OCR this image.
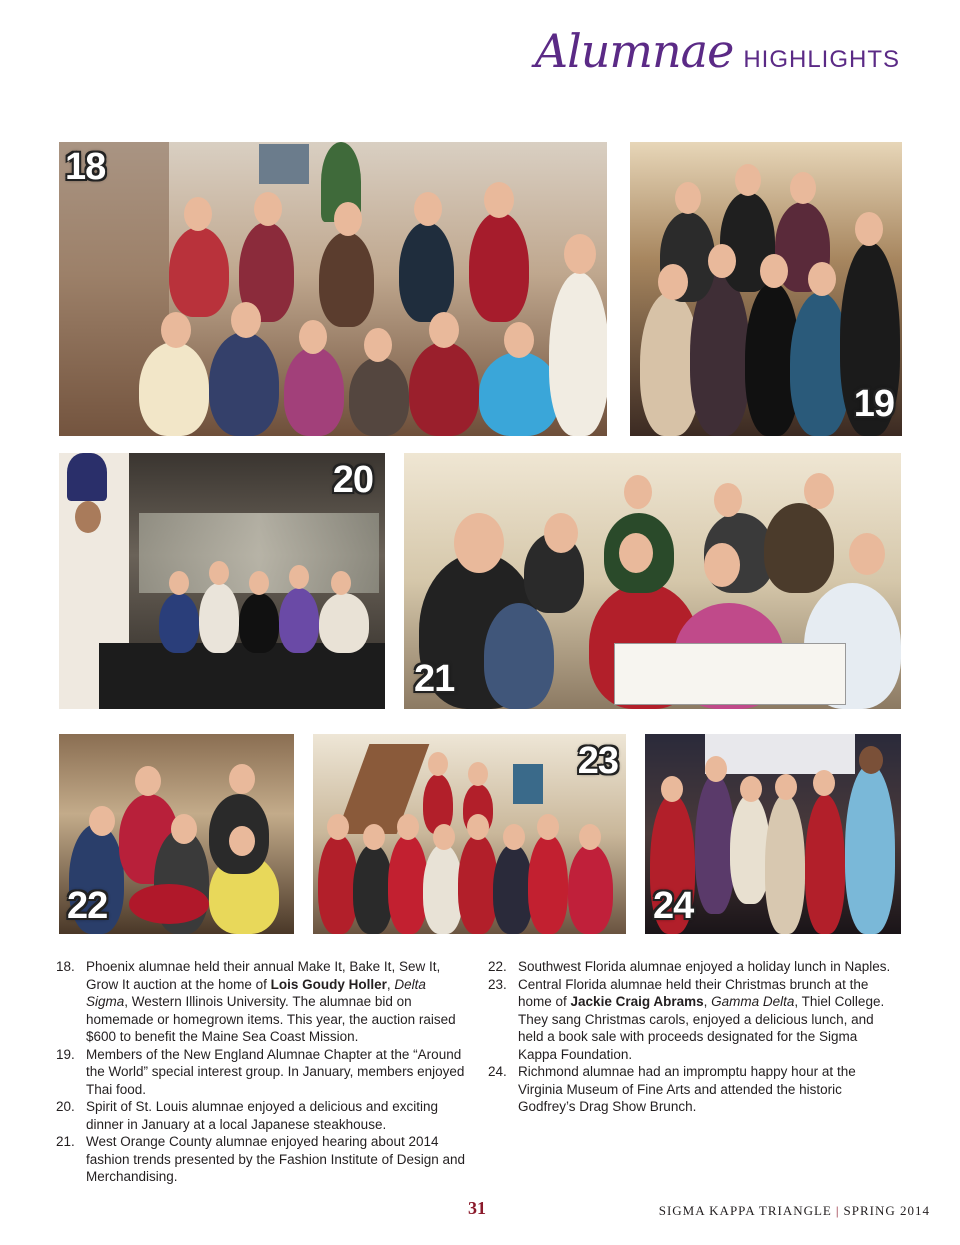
Alumnae HIGHLIGHTS
18
19
20
21
22
23
24
18. Phoenix alumnae held their annual Make It, Bake It, Sew It, Grow It auction at the home of Lois Goudy Holler, Delta Sigma, Western Illinois University. The alumnae bid on homemade or homegrown items. This year, the auction raised $600 to benefit the Maine Sea Coast Mission.
19. Members of the New England Alumnae Chapter at the “Around the World” special interest group. In January, members enjoyed Thai food.
20. Spirit of St. Louis alumnae enjoyed a delicious and exciting dinner in January at a local Japanese steakhouse.
21. West Orange County alumnae enjoyed hearing about 2014 fashion trends presented by the Fashion Institute of Design and Merchandising.
22. Southwest Florida alumnae enjoyed a holiday lunch in Naples.
23. Central Florida alumnae held their Christmas brunch at the home of Jackie Craig Abrams, Gamma Delta, Thiel College. They sang Christmas carols, enjoyed a delicious lunch, and held a book sale with proceeds designated for the Sigma Kappa Foundation.
24. Richmond alumnae had an impromptu happy hour at the Virginia Museum of Fine Arts and attended the historic Godfrey’s Drag Show Brunch.
31	SIGMA KAPPA TRIANGLE | SPRING 2014
